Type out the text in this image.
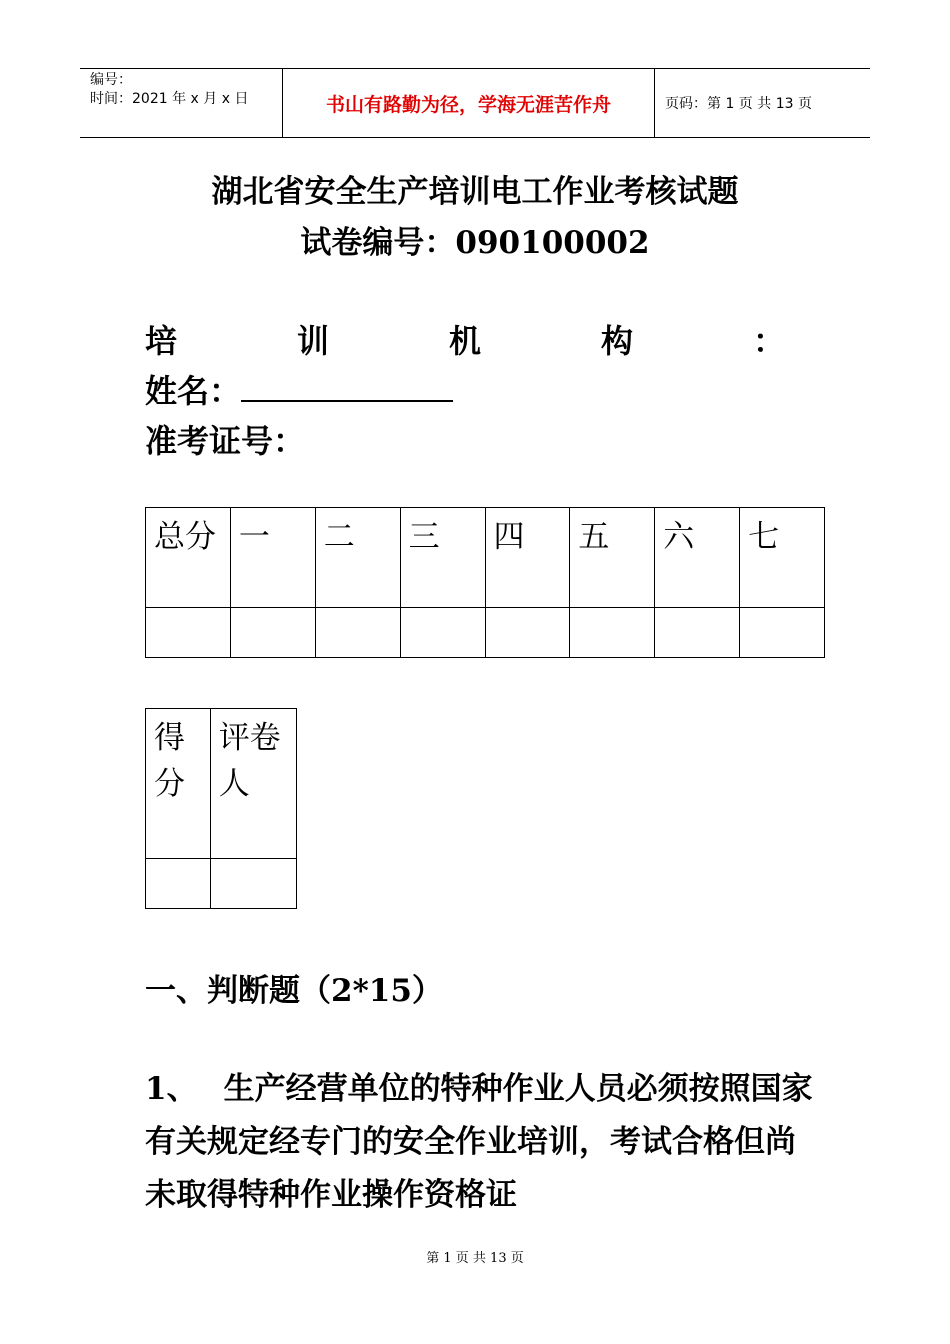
编号：
时间：2021 年 x 月 x 日	书山有路勤为径，学海无涯苦作舟	页码：第 1 页 共 13 页
湖北省安全生产培训电工作业考核试题
试卷编号：090100002
培	训	机	构	：
姓名：
准考证号：
总分	一	二	三	四	五	六	七

得分	评卷人

一、判断题（2*15）
1、 生产经营单位的特种作业人员必须按照国家有关规定经专门的安全作业培训，考试合格但尚未取得特种作业操作资格证
第 1 页 共 13 页
